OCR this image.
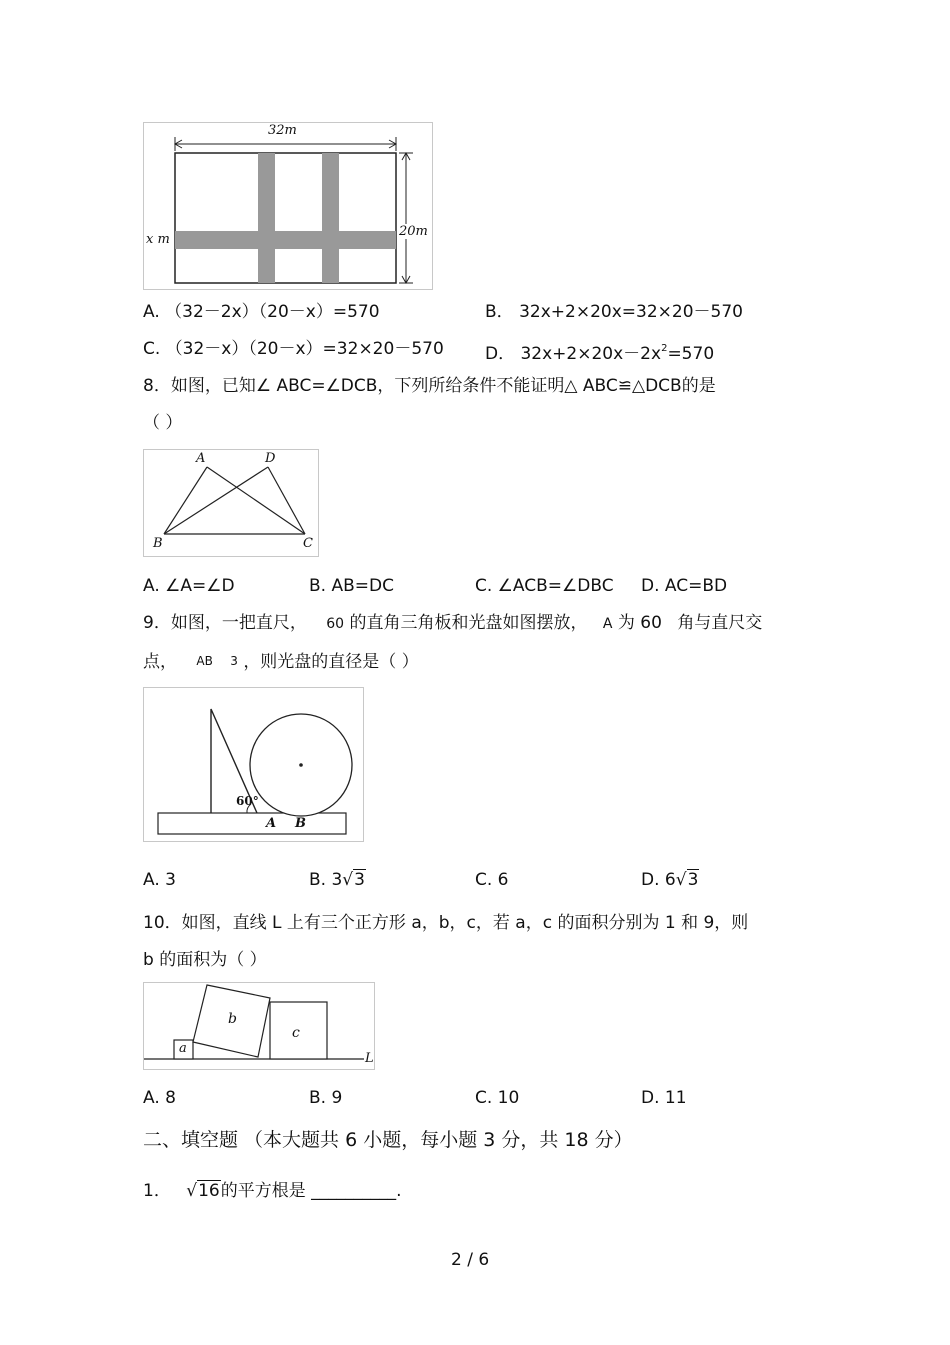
32m
20m
x m
A. （32－2x）（20－x）=570	B． 32x+2×20x=32×20－570
C. （32－x）（20－x）=32×20－570 D． $32x+2\times 20x-2x^2=570$
8．如图，已知∠ ABC=∠DCB，下列所给条件不能证明△ ABC≌△DCB的是
（ ）
A	D
B	C
A. ∠A=∠D	B. AB=DC	C. ∠ACB=∠DBC D. AC=BD
9．如图，一把直尺， 60 的直角三角板和光盘如图摆放， A 为 60 角与直尺交
点， AB 3 ，则光盘的直径是（ ）
60°
A B
A. 3	B. 3√3	C. 6	D. 6√3
10．如图，直线 L 上有三个正方形 a，b，c，若 a，c 的面积分别为 1 和 9，则
b 的面积为（ ）
a
b
c
L
A. 8	B. 9	C. 10	D. 11
二、填空题 （本大题共 6 小题，每小题 3 分，共 18 分）
1． √16的平方根是 __________.
2 / 6
